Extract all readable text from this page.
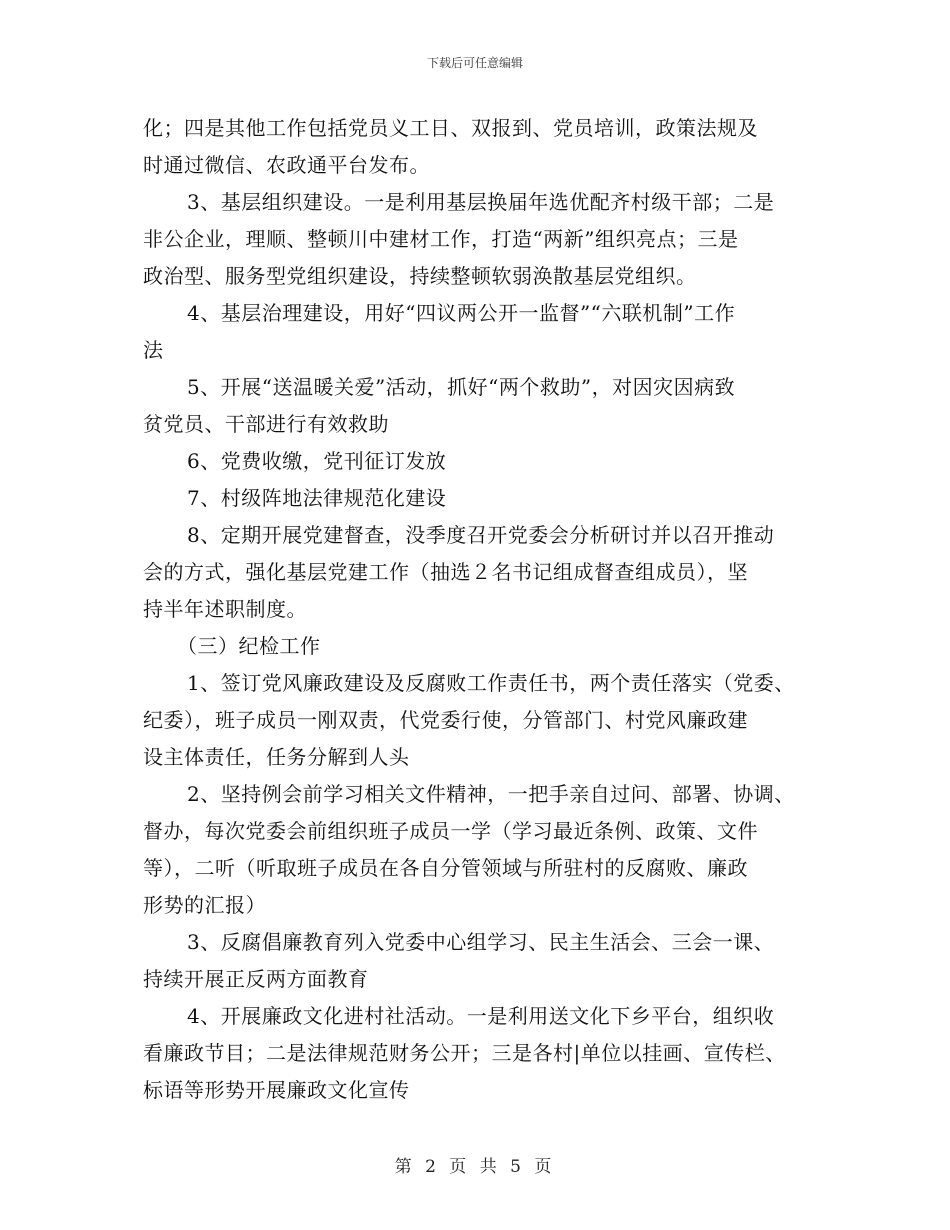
下载后可任意编辑
化；四是其他工作包括党员义工日、双报到、党员培训，政策法规及
时通过微信、农政通平台发布。
3、基层组织建设。一是利用基层换届年选优配齐村级干部；二是
非公企业，理顺、整顿川中建材工作，打造“两新”组织亮点；三是
政治型、服务型党组织建设，持续整顿软弱涣散基层党组织。
4、基层治理建设，用好“四议两公开一监督”“六联机制”工作
法
5、开展“送温暖关爱”活动，抓好“两个救助”，对因灾因病致
贫党员、干部进行有效救助
6、党费收缴，党刊征订发放
7、村级阵地法律规范化建设
8、定期开展党建督查，没季度召开党委会分析研讨并以召开推动
会的方式，强化基层党建工作（抽选２名书记组成督查组成员），坚
持半年述职制度。
（三）纪检工作
1、签订党风廉政建设及反腐败工作责任书，两个责任落实（党委、
纪委），班子成员一刚双责，代党委行使，分管部门、村党风廉政建
设主体责任，任务分解到人头
2、坚持例会前学习相关文件精神，一把手亲自过问、部署、协调、
督办，每次党委会前组织班子成员一学（学习最近条例、政策、文件
等），二听（听取班子成员在各自分管领域与所驻村的反腐败、廉政
形势的汇报）
3、反腐倡廉教育列入党委中心组学习、民主生活会、三会一课、
持续开展正反两方面教育
4、开展廉政文化进村社活动。一是利用送文化下乡平台，组织收
看廉政节目；二是法律规范财务公开；三是各村|单位以挂画、宣传栏、
标语等形势开展廉政文化宣传
第 2 页 共 5 页
